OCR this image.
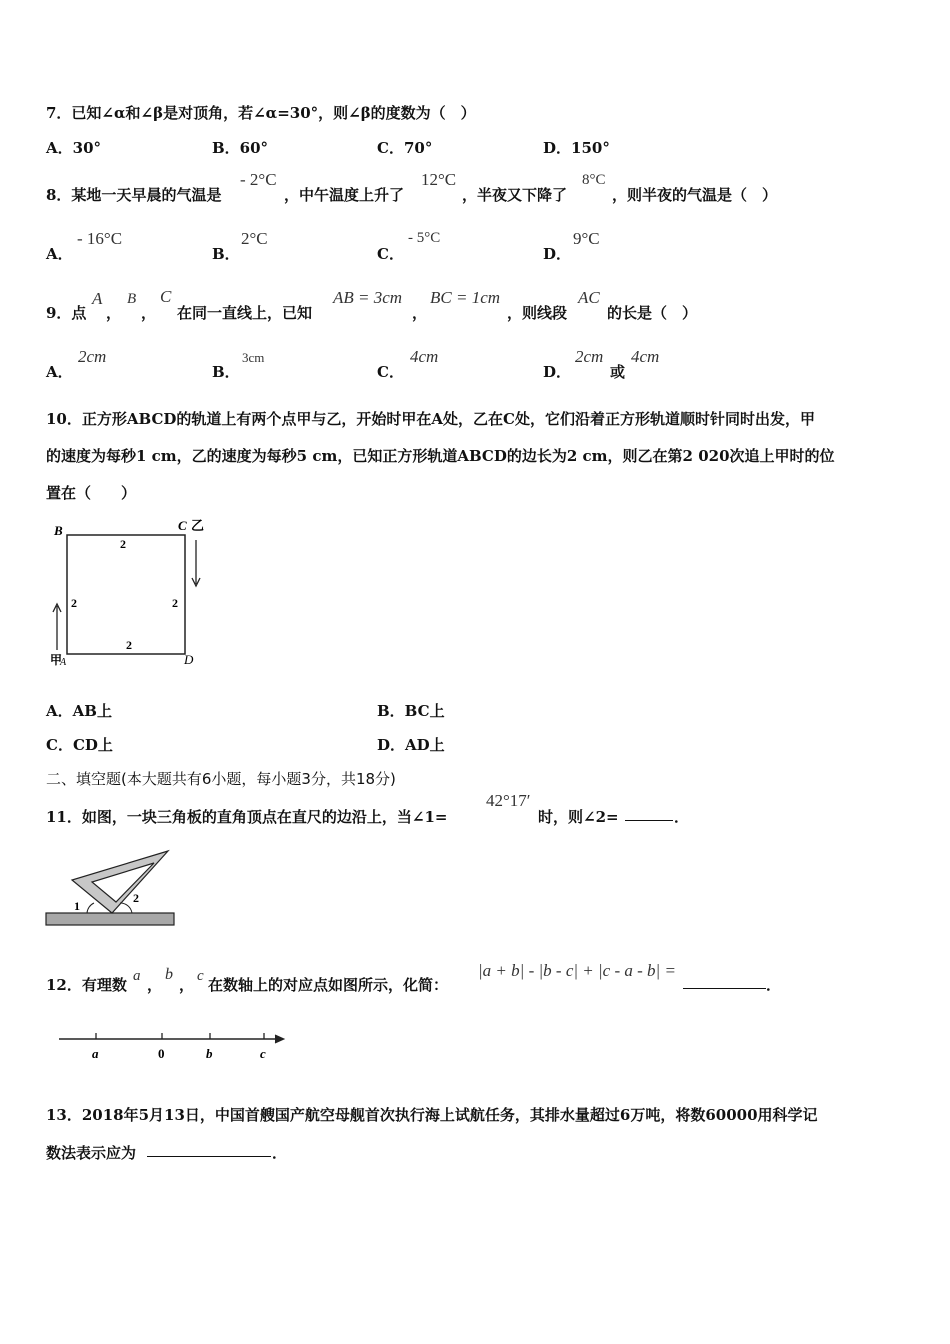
7．已知∠α和∠β是对顶角，若∠α=30°，则∠β的度数为（　）
A．30°	B．60°	C．70°	D．150°
8．某地一天早晨的气温是
- 2°C
，中午温度上升了
12°C
，半夜又下降了
8°C
，则半夜的气温是（　）
A．
- 16°C
B．
2°C
C．
- 5°C
D．
9°C
9．点
A
，
B
，
C
在同一直线上，已知
AB = 3cm
，
BC = 1cm
，则线段
AC
的长是（　）
A．
2cm
B．
3cm
C．
4cm
D．
2cm
或
4cm
10．正方形ABCD的轨道上有两个点甲与乙，开始时甲在A处，乙在C处，它们沿着正方形轨道顺时针同时出发，甲
的速度为每秒1 cm，乙的速度为每秒5 cm，已知正方形轨道ABCD的边长为2 cm，则乙在第2 020次追上甲时的位
置在（　　）
B	C 乙
甲
A	D
2
2	2
2
A．AB上	B．BC上
C．CD上	D．AD上
二、填空题(本大题共有6小题，每小题3分，共18分)
11．如图，一块三角板的直角顶点在直尺的边沿上，当∠1=
42°17′
时，则∠2=	．
1
2
12．有理数 a ，
b
， c 在数轴上的对应点如图所示，化简：
|a + b| - |b - c| + |c - a - b| =
．
a	0	b	c
13．2018年5月13日，中国首艘国产航空母舰首次执行海上试航任务，其排水量超过6万吨，将数60000用科学记
数法表示应为	．
